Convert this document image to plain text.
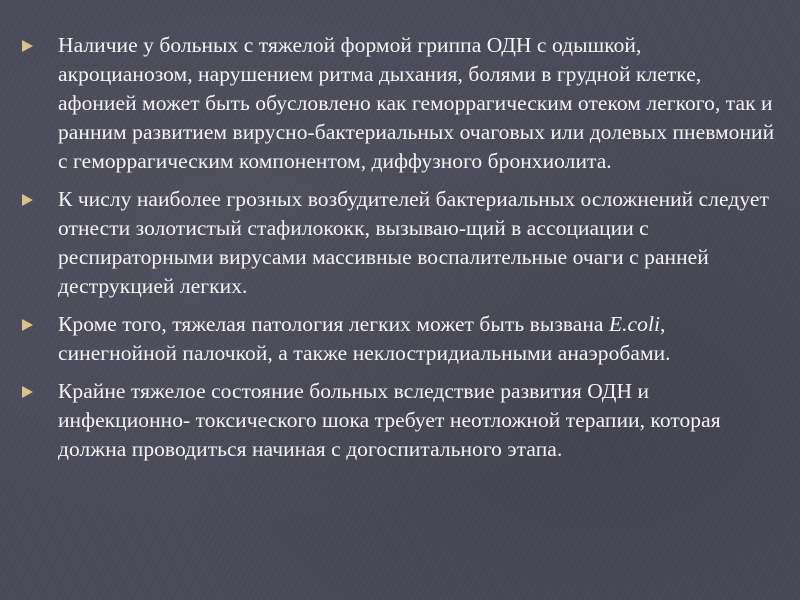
Наличие у больных с тяжелой формой гриппа ОДН с одышкой, акроцианозом, нарушением ритма дыхания, болями в грудной клетке, афонией может быть обусловлено как геморрагическим отеком легкого, так и ранним развитием вирусно-бактериальных очаговых или долевых пневмоний с геморрагическим компонентом, диффузного бронхиолита.
К числу наиболее грозных возбудителей бактериальных осложнений следует отнести золотистый стафилококк, вызываю-щий в ассоциации с респираторными вирусами массивные воспалительные очаги с ранней деструкцией легких.
Кроме того, тяжелая патология легких может быть вызвана E.coli, синегнойной палочкой, а также неклостридиальными анаэробами.
Крайне тяжелое состояние больных вследствие развития ОДН и инфекционно- токсического шока требует неотложной терапии, которая должна проводиться начиная с догоспитального этапа.
